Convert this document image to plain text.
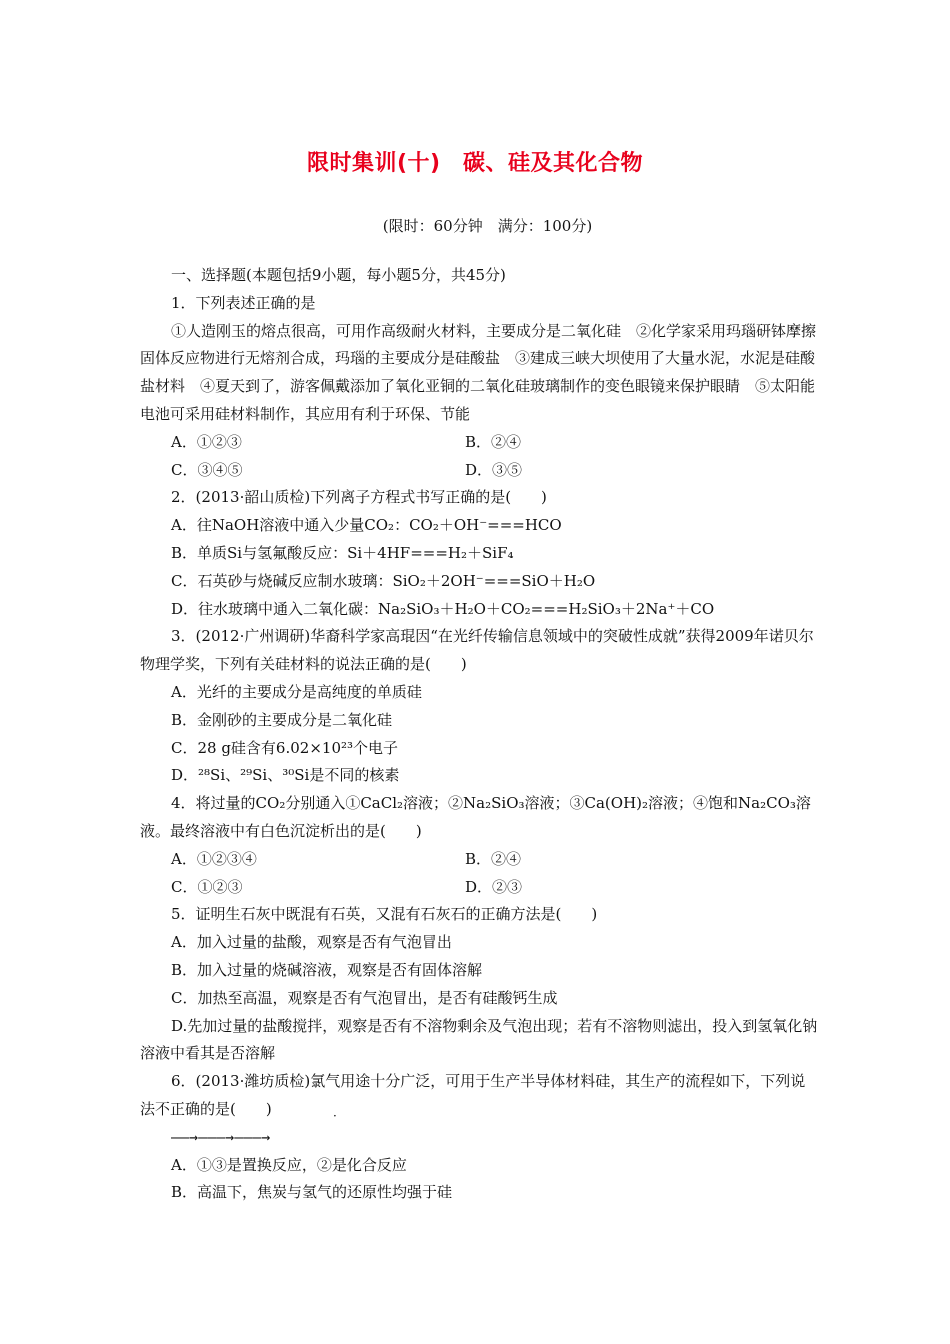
限时集训(十)　碳、硅及其化合物
(限时：60分钟　满分：100分)

一、选择题(本题包括9小题，每小题5分，共45分)

1．下列表述正确的是

①人造刚玉的熔点很高，可用作高级耐火材料，主要成分是二氧化硅　②化学家采用玛瑙研钵摩擦固体反应物进行无熔剂合成，玛瑙的主要成分是硅酸盐　③建成三峡大坝使用了大量水泥，水泥是硅酸盐材料　④夏天到了，游客佩戴添加了氧化亚铜的二氧化硅玻璃制作的变色眼镜来保护眼睛　⑤太阳能电池可采用硅材料制作，其应用有利于环保、节能

A．①②③	B．②④
C．③④⑤	D．③⑤

2．(2013·韶山质检)下列离子方程式书写正确的是(　　)

A．往NaOH溶液中通入少量CO₂：CO₂＋OH⁻===HCO

B．单质Si与氢氟酸反应：Si＋4HF===H₂＋SiF₄

C．石英砂与烧碱反应制水玻璃：SiO₂＋2OH⁻===SiO＋H₂O

D．往水玻璃中通入二氧化碳：Na₂SiO₃＋H₂O＋CO₂===H₂SiO₃＋2Na⁺＋CO

3．(2012·广州调研)华裔科学家高琨因“在光纤传输信息领域中的突破性成就”获得2009年诺贝尔物理学奖，下列有关硅材料的说法正确的是(　　)

A．光纤的主要成分是高纯度的单质硅

B．金刚砂的主要成分是二氧化硅

C．28 g硅含有6.02×10²³个电子

D．²⁸Si、²⁹Si、³⁰Si是不同的核素

4．将过量的CO₂分别通入①CaCl₂溶液；②Na₂SiO₃溶液；③Ca(OH)₂溶液；④饱和Na₂CO₃溶液。最终溶液中有白色沉淀析出的是(　　)

A．①②③④	B．②④
C．①②③	D．②③

5．证明生石灰中既混有石英，又混有石灰石的正确方法是(　　)

A．加入过量的盐酸，观察是否有气泡冒出

B．加入过量的烧碱溶液，观察是否有固体溶解

C．加热至高温，观察是否有气泡冒出，是否有硅酸钙生成

D.先加过量的盐酸搅拌，观察是否有不溶物剩余及气泡出现；若有不溶物则滤出，投入到氢氧化钠溶液中看其是否溶解

6．(2013·潍坊质检)氯气用途十分广泛，可用于生产半导体材料硅，其生产的流程如下，下列说法不正确的是(　　)	·

——→———→———→

A．①③是置换反应，②是化合反应

B．高温下，焦炭与氢气的还原性均强于硅
